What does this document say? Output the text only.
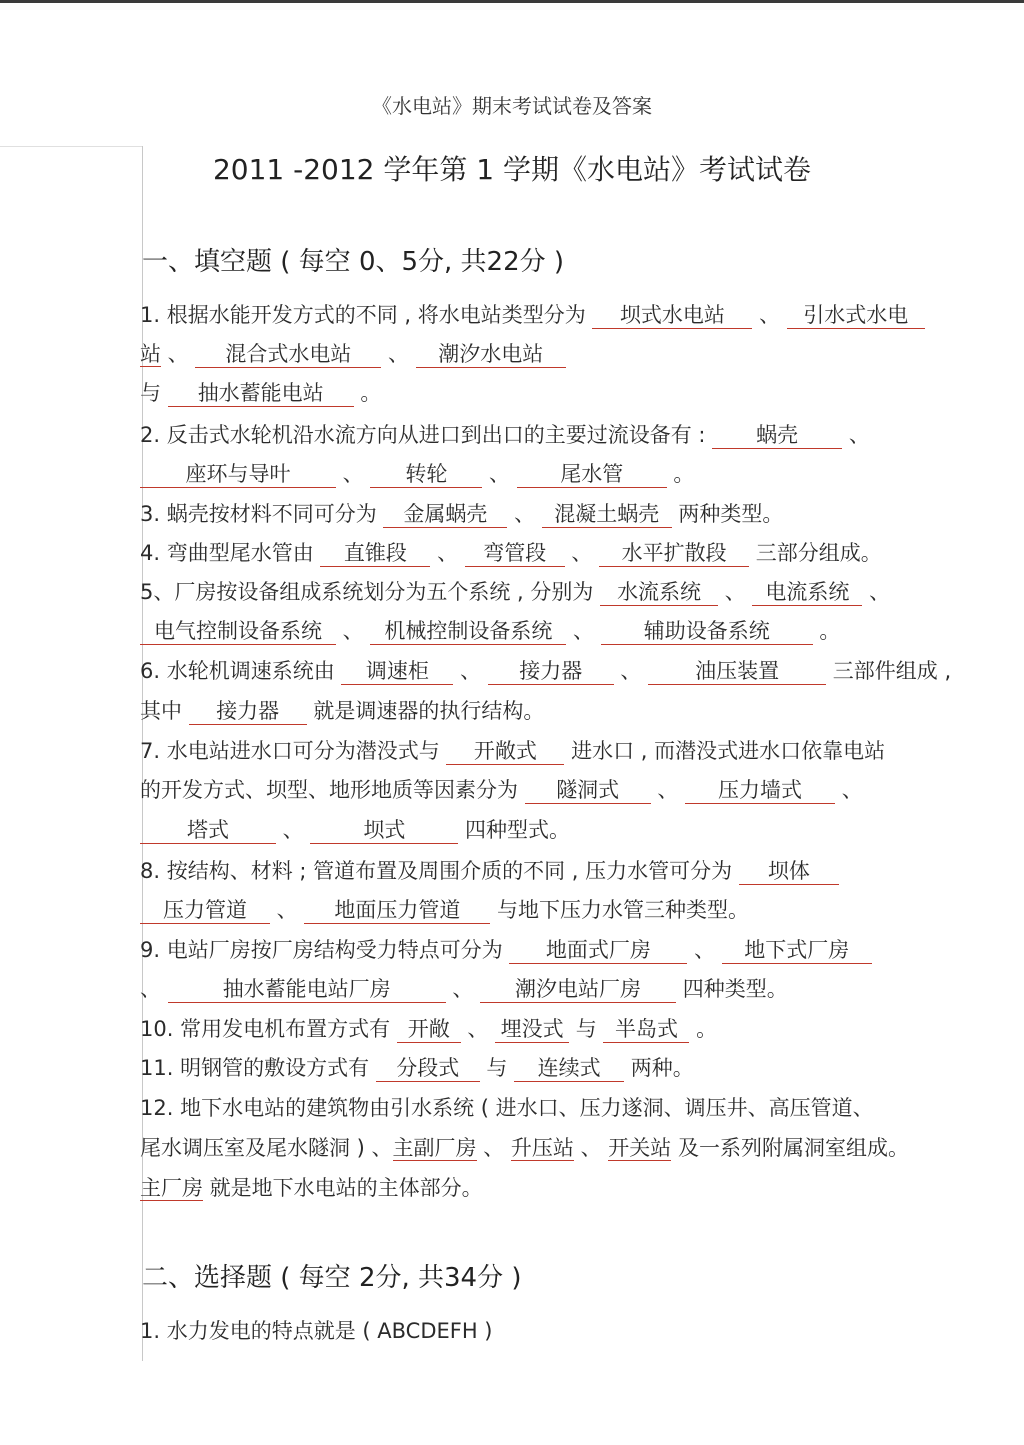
《水电站》期末考试试卷及答案
2011 -2012 学年第 1 学期《水电站》考试试卷
一、填空题 ( 每空 0、5分, 共22分 )
1. 根据水能开发方式的不同 , 将水电站类型分为 坝式水电站 、 引水式水电
站 、 混合式水电站 、 潮汐水电站
与 抽水蓄能电站 。
2. 反击式水轮机沿水流方向从进口到出口的主要过流设备有 : 蜗壳 、
座环与导叶 、 转轮 、 尾水管 。
3. 蜗壳按材料不同可分为 金属蜗壳 、 混凝土蜗壳 两种类型。
4. 弯曲型尾水管由 直锥段 、 弯管段 、 水平扩散段 三部分组成。
5、厂房按设备组成系统划分为五个系统 , 分别为 水流系统 、 电流系统 、
电气控制设备系统 、 机械控制设备系统 、 辅助设备系统 。
6. 水轮机调速系统由 调速柜 、 接力器 、 油压装置 三部件组成 ,
其中 接力器 就是调速器的执行结构。
7. 水电站进水口可分为潜没式与 开敞式 进水口 , 而潜没式进水口依靠电站
的开发方式、坝型、地形地质等因素分为 隧洞式 、 压力墙式 、
塔式 、	坝式	四种型式。
8. 按结构、材料 ; 管道布置及周围介质的不同 , 压力水管可分为 坝体
压力管道 、 地面压力管道 与地下压力水管三种类型。
9. 电站厂房按厂房结构受力特点可分为 地面式厂房 、 地下式厂房
、	抽水蓄能电站厂房	、 潮汐电站厂房 四种类型。
10. 常用发电机布置方式有 开敞 、 埋没式 与 半岛式 。
11. 明钢管的敷设方式有 分段式 与 连续式 两种。
12. 地下水电站的建筑物由引水系统 ( 进水口、压力遂洞、调压井、高压管道、
尾水调压室及尾水隧洞 ) 、主副厂房 、 升压站 、 开关站 及一系列附属洞室组成。
主厂房 就是地下水电站的主体部分。
二、选择题 ( 每空 2分, 共34分 )
1. 水力发电的特点就是 ( ABCDEFH )
